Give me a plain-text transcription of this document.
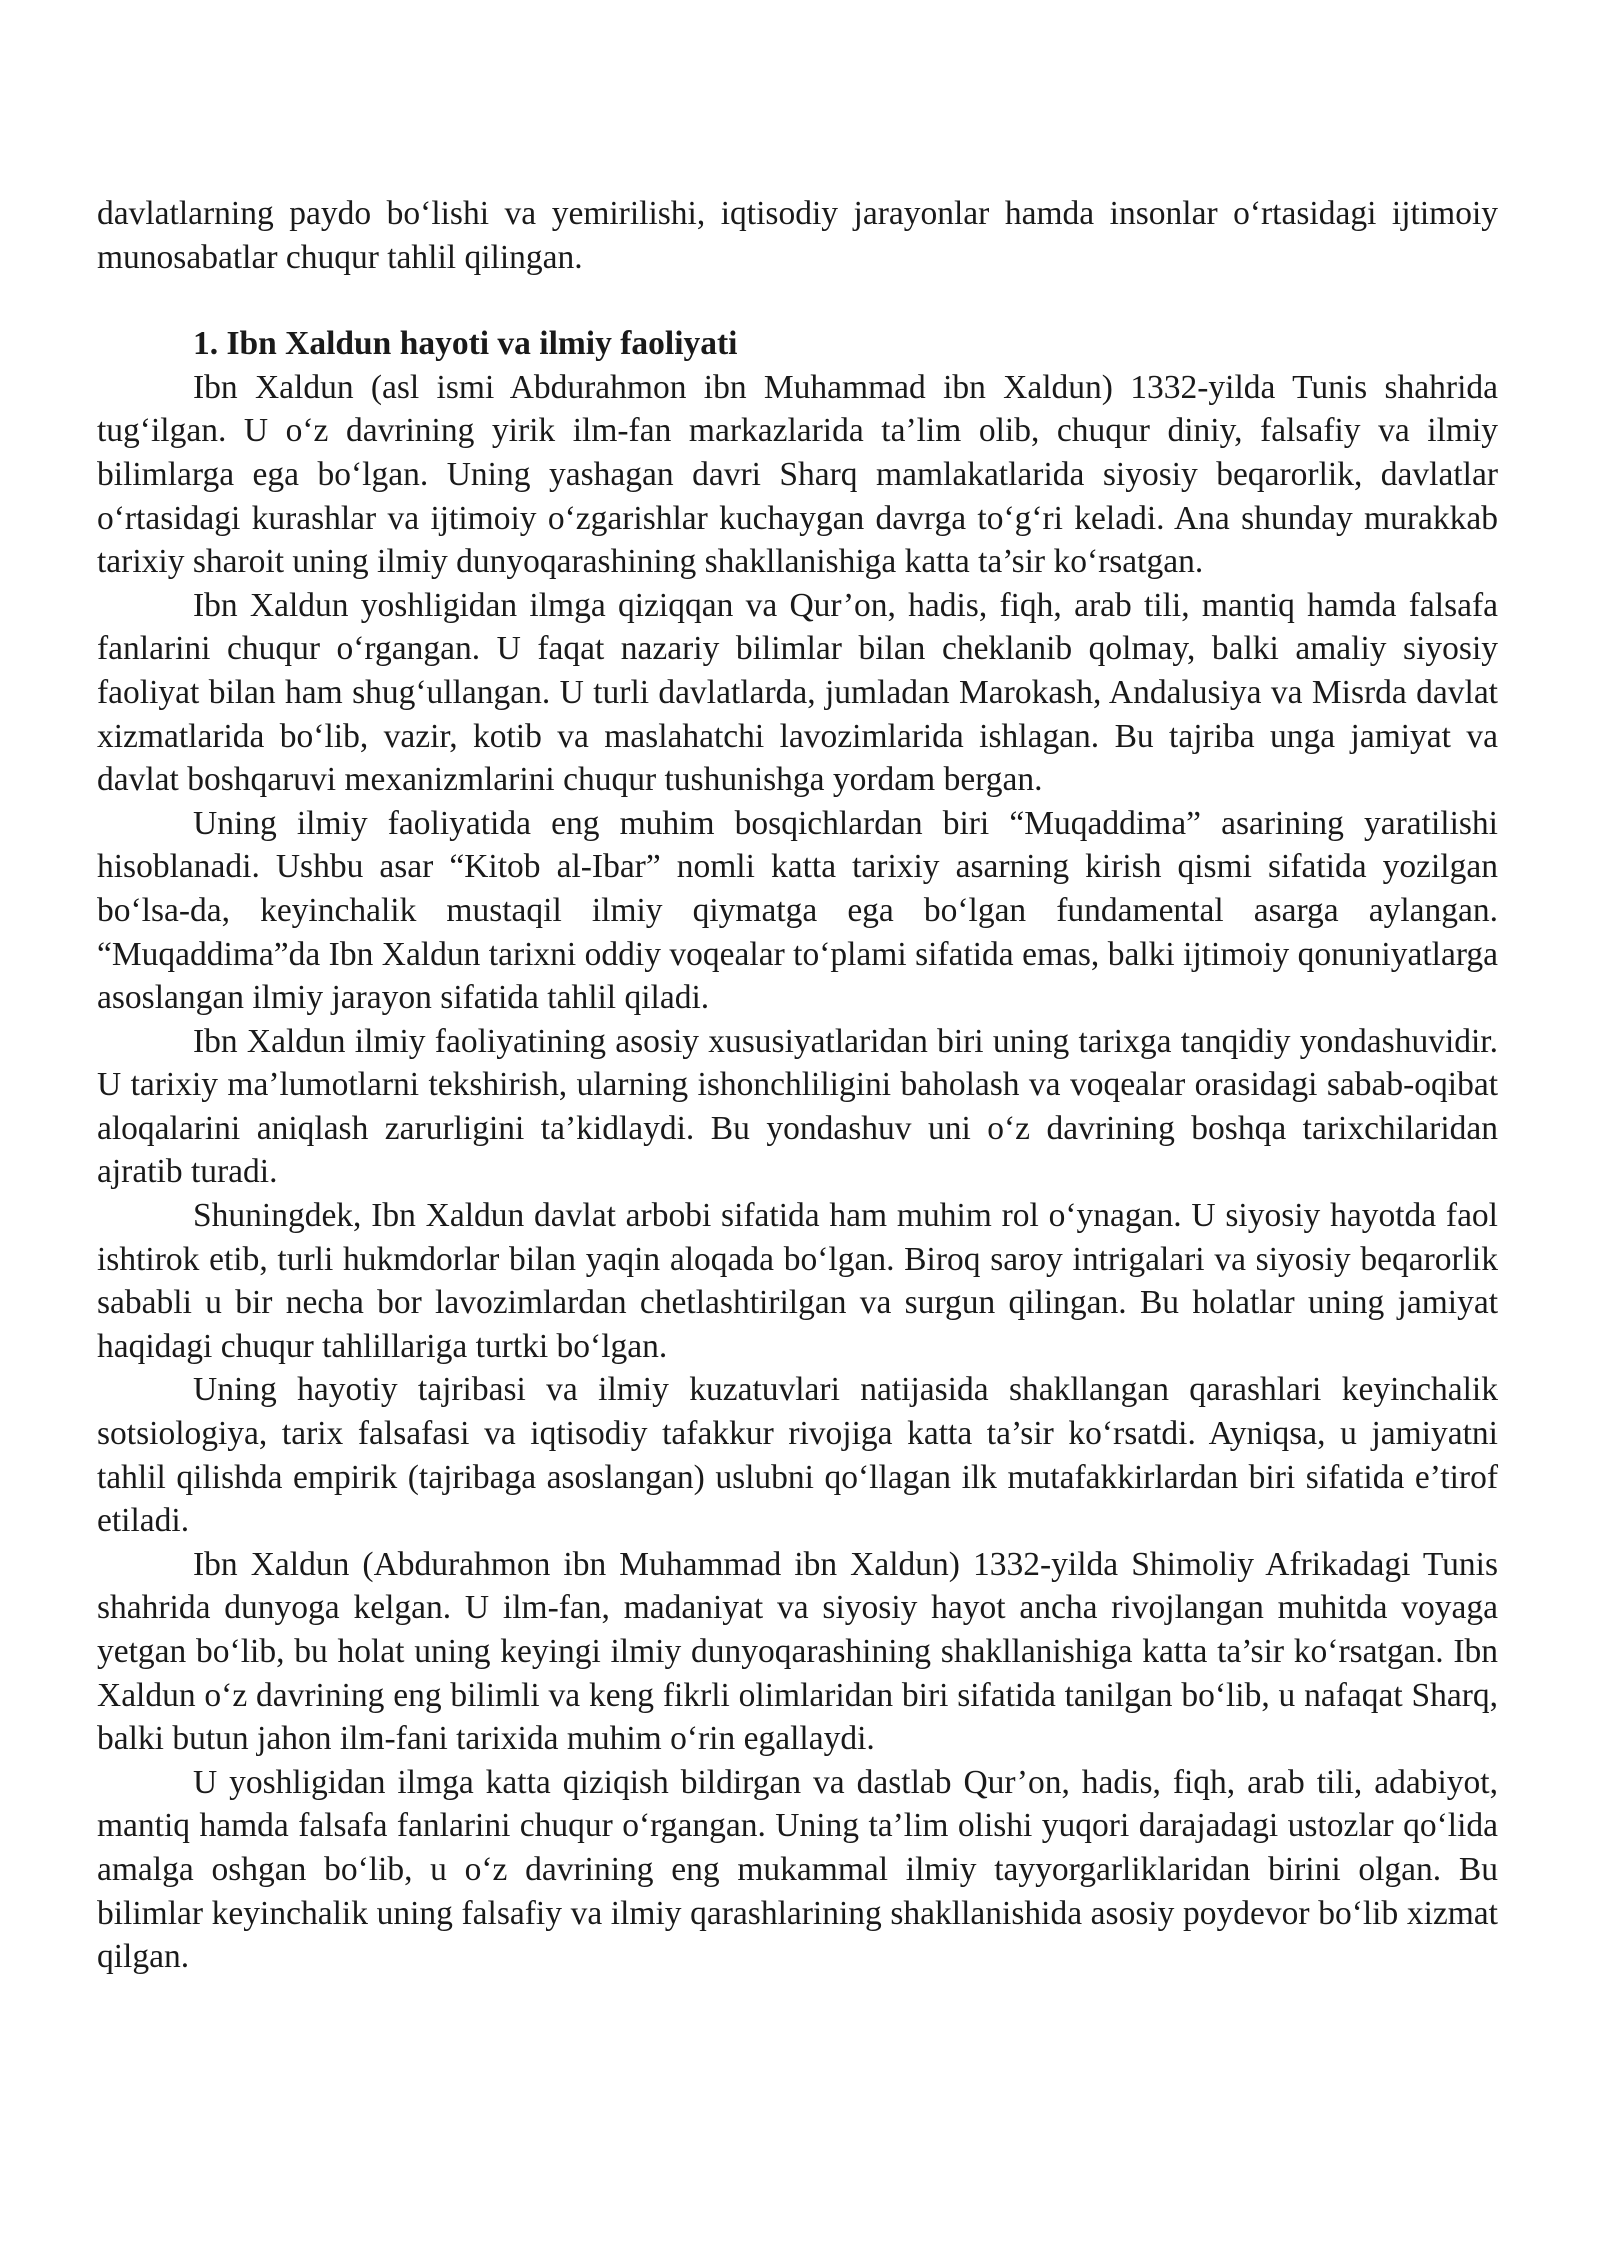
davlatlarning paydo bo‘lishi va yemirilishi, iqtisodiy jarayonlar hamda insonlar o‘rtasidagi ijtimoiy munosabatlar chuqur tahlil qilingan.

1. Ibn Xaldun hayoti va ilmiy faoliyati

Ibn Xaldun (asl ismi Abdurahmon ibn Muhammad ibn Xaldun) 1332-yilda Tunis shahrida tug‘ilgan. U o‘z davrining yirik ilm-fan markazlarida ta’lim olib, chuqur diniy, falsafiy va ilmiy bilimlarga ega bo‘lgan. Uning yashagan davri Sharq mamlakatlarida siyosiy beqarorlik, davlatlar o‘rtasidagi kurashlar va ijtimoiy o‘zgarishlar kuchaygan davrga to‘g‘ri keladi. Ana shunday murakkab tarixiy sharoit uning ilmiy dunyoqarashining shakllanishiga katta ta’sir ko‘rsatgan.

Ibn Xaldun yoshligidan ilmga qiziqqan va Qur’on, hadis, fiqh, arab tili, mantiq hamda falsafa fanlarini chuqur o‘rgangan. U faqat nazariy bilimlar bilan cheklanib qolmay, balki amaliy siyosiy faoliyat bilan ham shug‘ullangan. U turli davlatlarda, jumladan Marokash, Andalusiya va Misrda davlat xizmatlarida bo‘lib, vazir, kotib va maslahatchi lavozimlarida ishlagan. Bu tajriba unga jamiyat va davlat boshqaruvi mexanizmlarini chuqur tushunishga yordam bergan.

Uning ilmiy faoliyatida eng muhim bosqichlardan biri “Muqaddima” asarining yaratilishi hisoblanadi. Ushbu asar “Kitob al-Ibar” nomli katta tarixiy asarning kirish qismi sifatida yozilgan bo‘lsa-da, keyinchalik mustaqil ilmiy qiymatga ega bo‘lgan fundamental asarga aylangan. “Muqaddima”da Ibn Xaldun tarixni oddiy voqealar to‘plami sifatida emas, balki ijtimoiy qonuniyatlarga asoslangan ilmiy jarayon sifatida tahlil qiladi.

Ibn Xaldun ilmiy faoliyatining asosiy xususiyatlaridan biri uning tarixga tanqidiy yondashuvidir. U tarixiy ma’lumotlarni tekshirish, ularning ishonchliligini baholash va voqealar orasidagi sabab-oqibat aloqalarini aniqlash zarurligini ta’kidlaydi. Bu yondashuv uni o‘z davrining boshqa tarixchilaridan ajratib turadi.

Shuningdek, Ibn Xaldun davlat arbobi sifatida ham muhim rol o‘ynagan. U siyosiy hayotda faol ishtirok etib, turli hukmdorlar bilan yaqin aloqada bo‘lgan. Biroq saroy intrigalari va siyosiy beqarorlik sababli u bir necha bor lavozimlardan chetlashtirilgan va surgun qilingan. Bu holatlar uning jamiyat haqidagi chuqur tahlillariga turtki bo‘lgan.

Uning hayotiy tajribasi va ilmiy kuzatuvlari natijasida shakllangan qarashlari keyinchalik sotsiologiya, tarix falsafasi va iqtisodiy tafakkur rivojiga katta ta’sir ko‘rsatdi. Ayniqsa, u jamiyatni tahlil qilishda empirik (tajribaga asoslangan) uslubni qo‘llagan ilk mutafakkirlardan biri sifatida e’tirof etiladi.

Ibn Xaldun (Abdurahmon ibn Muhammad ibn Xaldun) 1332-yilda Shimoliy Afrikadagi Tunis shahrida dunyoga kelgan. U ilm-fan, madaniyat va siyosiy hayot ancha rivojlangan muhitda voyaga yetgan bo‘lib, bu holat uning keyingi ilmiy dunyoqarashining shakllanishiga katta ta’sir ko‘rsatgan. Ibn Xaldun o‘z davrining eng bilimli va keng fikrli olimlaridan biri sifatida tanilgan bo‘lib, u nafaqat Sharq, balki butun jahon ilm-fani tarixida muhim o‘rin egallaydi.

U yoshligidan ilmga katta qiziqish bildirgan va dastlab Qur’on, hadis, fiqh, arab tili, adabiyot, mantiq hamda falsafa fanlarini chuqur o‘rgangan. Uning ta’lim olishi yuqori darajadagi ustozlar qo‘lida amalga oshgan bo‘lib, u o‘z davrining eng mukammal ilmiy tayyorgarliklaridan birini olgan. Bu bilimlar keyinchalik uning falsafiy va ilmiy qarashlarining shakllanishida asosiy poydevor bo‘lib xizmat qilgan.
